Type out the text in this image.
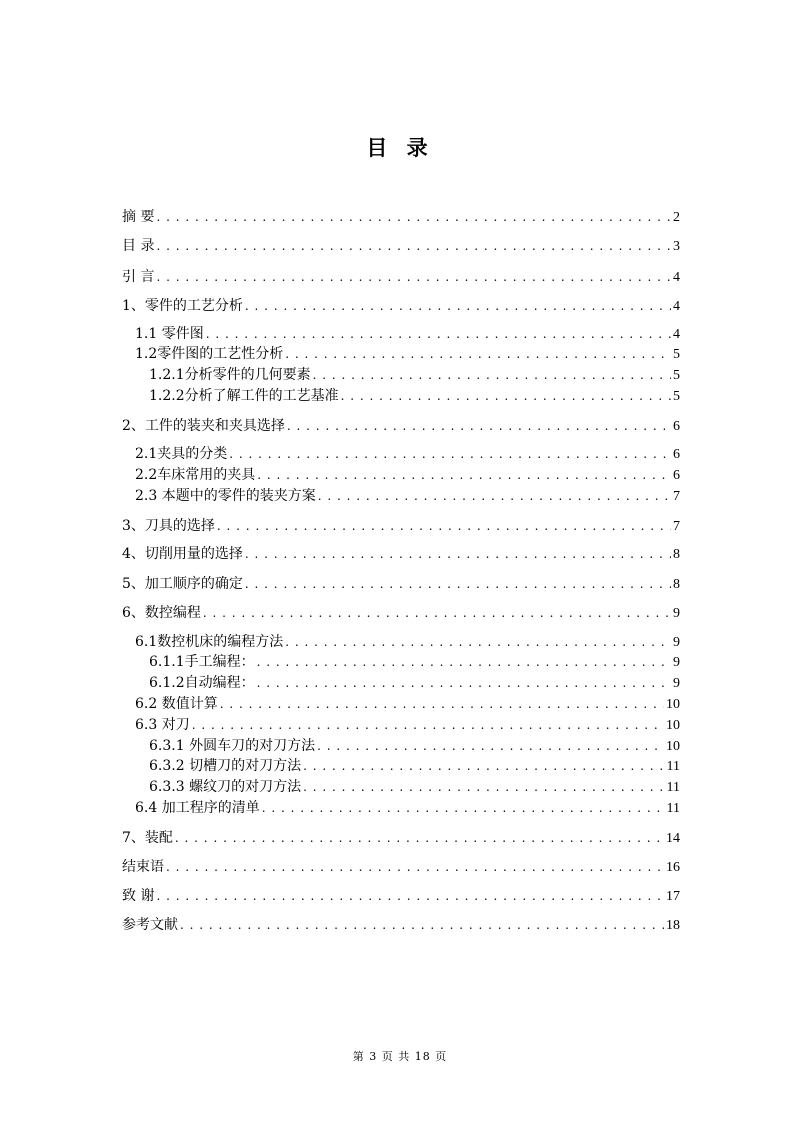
目 录
摘 要 . . .	2
目 录 . . .	3
引 言 . . .	4
1、零件的工艺分析 . . .	4
1.1 零件图 . . .	4
1.2零件图的工艺性分析 . . .	5
1.2.1分析零件的几何要素 . . .	5
1.2.2分析了解工件的工艺基准 . . .	5
2、工件的装夹和夹具选择 . . .	6
2.1夹具的分类 . . .	6
2.2车床常用的夹具 . . .	6
2.3 本题中的零件的装夹方案 . . .	7
3、刀具的选择 . . .	7
4、切削用量的选择 . . .	8
5、加工顺序的确定 . . .	8
6、数控编程 . . .	9
6.1数控机床的编程方法 . . .	9
6.1.1手工编程： . . .	9
6.1.2自动编程： . . .	9
6.2 数值计算 . . .	10
6.3 对刀 . . .	10
6.3.1 外圆车刀的对刀方法 . . .	10
6.3.2 切槽刀的对刀方法 . . .	11
6.3.3 螺纹刀的对刀方法 . . .	11
6.4 加工程序的清单 . . .	11
7、装配 . . .	14
结束语 . . .	16
致 谢 . . .	17
参考文献 . . .	18
第 3 页 共 18 页
